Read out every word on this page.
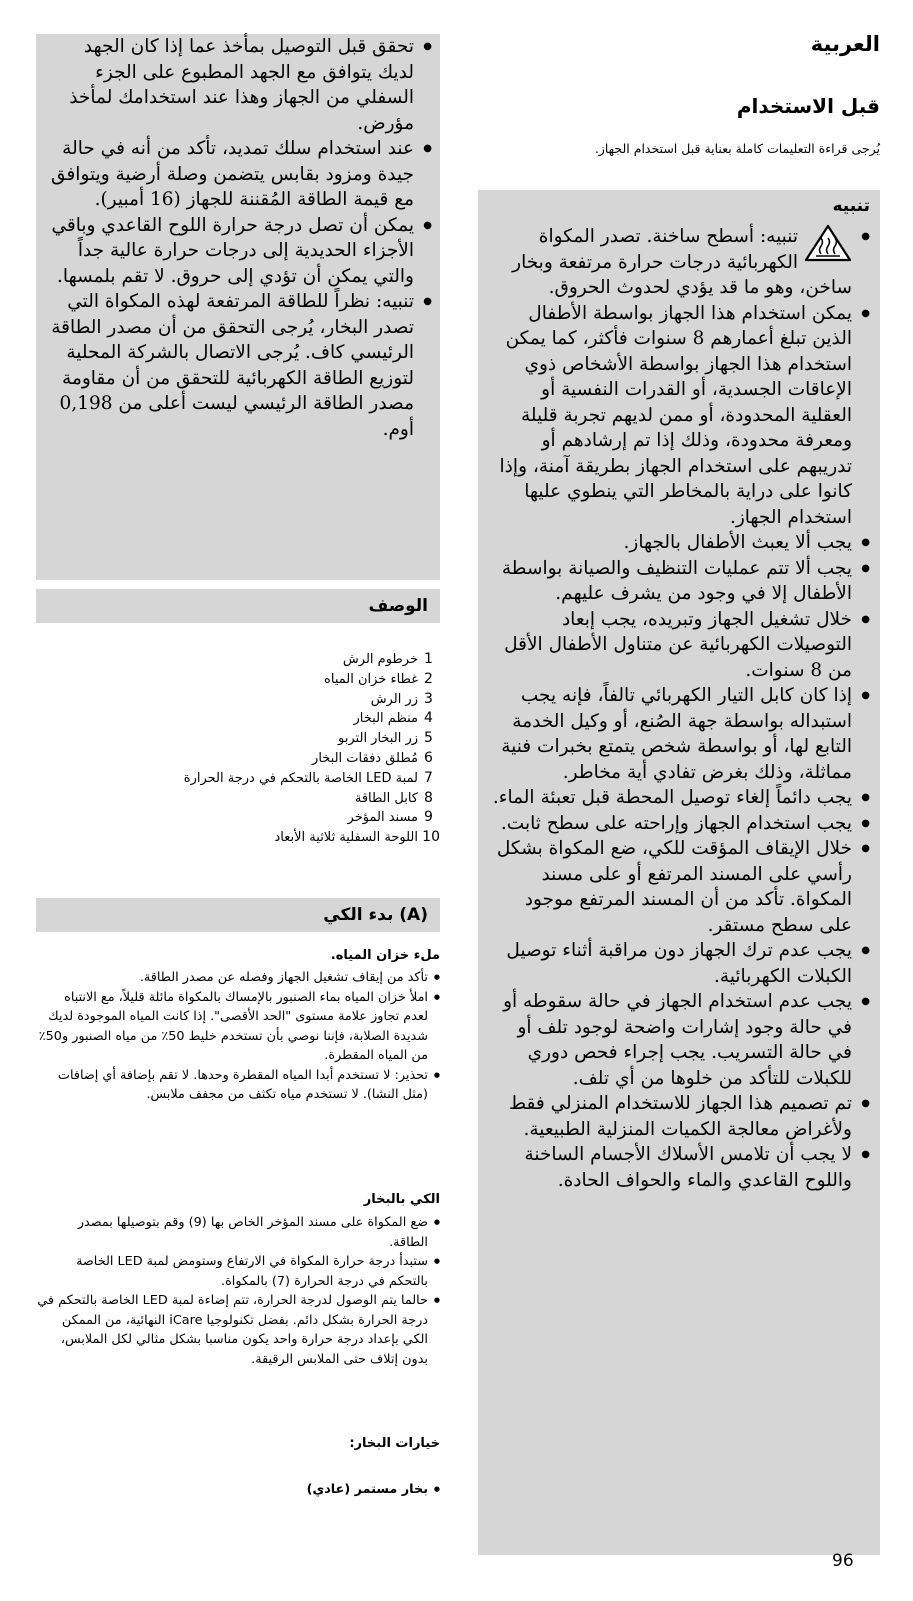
العربية
قبل الاستخدام

يُرجى قراءة التعليمات كاملة بعناية قبل استخدام الجهاز.

تنبيه

● تنبيه: أسطح ساخنة. تصدر المكواة الكهربائية درجات حرارة مرتفعة وبخار ساخن، وهو ما قد يؤدي لحدوث الحروق.
● يمكن استخدام هذا الجهاز بواسطة الأطفال الذين تبلغ أعمارهم 8 سنوات فأكثر، كما يمكن استخدام هذا الجهاز بواسطة الأشخاص ذوي الإعاقات الجسدية، أو القدرات النفسية أو العقلية المحدودة، أو ممن لديهم تجربة قليلة ومعرفة محدودة، وذلك إذا تم إرشادهم أو تدريبهم على استخدام الجهاز بطريقة آمنة، وإذا كانوا على دراية بالمخاطر التي ينطوي عليها استخدام الجهاز.
● يجب ألا يعبث الأطفال بالجهاز.
● يجب ألا تتم عمليات التنظيف والصيانة بواسطة الأطفال إلا في وجود من يشرف عليهم.
● خلال تشغيل الجهاز وتبريده، يجب إبعاد التوصيلات الكهربائية عن متناول الأطفال الأقل من 8 سنوات.
● إذا كان كابل التيار الكهربائي تالفاً، فإنه يجب استبداله بواسطة جهة الصُنع، أو وكيل الخدمة التابع لها، أو بواسطة شخص يتمتع بخبرات فنية مماثلة، وذلك بغرض تفادي أية مخاطر.
● يجب دائماً إلغاء توصيل المحطة قبل تعبئة الماء.
● يجب استخدام الجهاز وإراحته على سطح ثابت.
● خلال الإيقاف المؤقت للكي، ضع المكواة بشكل رأسي على المسند المرتفع أو على مسند المكواة. تأكد من أن المسند المرتفع موجود على سطح مستقر.
● يجب عدم ترك الجهاز دون مراقبة أثناء توصيل الكبلات الكهربائية.
● يجب عدم استخدام الجهاز في حالة سقوطه أو في حالة وجود إشارات واضحة لوجود تلف أو في حالة التسريب. يجب إجراء فحص دوري للكبلات للتأكد من خلوها من أي تلف.
● تم تصميم هذا الجهاز للاستخدام المنزلي فقط ولأغراض معالجة الكميات المنزلية الطبيعية.
● لا يجب أن تلامس الأسلاك الأجسام الساخنة واللوح القاعدي والماء والحواف الحادة.
● تحقق قبل التوصيل بمأخذ عما إذا كان الجهد لديك يتوافق مع الجهد المطبوع على الجزء السفلي من الجهاز وهذا عند استخدامك لمأخذ مؤرض.
● عند استخدام سلك تمديد، تأكد من أنه في حالة جيدة ومزود بقابس يتضمن وصلة أرضية ويتوافق مع قيمة الطاقة المُقننة للجهاز (16 أمبير).
● يمكن أن تصل درجة حرارة اللوح القاعدي وباقي الأجزاء الحديدية إلى درجات حرارة عالية جداً والتي يمكن أن تؤدي إلى حروق. لا تقم بلمسها.
● تنبيه: نظراً للطاقة المرتفعة لهذه المكواة التي تصدر البخار، يُرجى التحقق من أن مصدر الطاقة الرئيسي كاف. يُرجى الاتصال بالشركة المحلية لتوزيع الطاقة الكهربائية للتحقق من أن مقاومة مصدر الطاقة الرئيسي ليست أعلى من 0,198 أوم.
الوصف
1
خرطوم الرش
2
غطاء خزان المياه
3
زر الرش
4
منظم البخار
5
زر البخار التربو
6
مُطلق دفقات البخار
7
لمبة LED الخاصة بالتحكم في درجة الحرارة
8
كابل الطاقة
9
مسند المؤخر
10
اللوحة السفلية ثلاثية الأبعاد
(A) بدء الكي

ملء خزان المياه.

● تأكد من إيقاف تشغيل الجهاز وفصله عن مصدر الطاقة.
● املأ خزان المياه بماء الصنبور بالإمساك بالمكواة مائلة قليلاً، مع الانتباه لعدم تجاوز علامة مستوى "الحد الأقصى". إذا كانت المياه الموجودة لديك شديدة الصلابة، فإننا نوصي بأن تستخدم خليط 50٪ من مياه الصنبور و50٪ من المياه المقطرة.
● تحذير: لا تستخدم أبدا المياه المقطرة وحدها. لا تقم بإضافة أي إضافات (مثل النشا). لا تستخدم مياه تكثف من مجفف ملابس.

الكي بالبخار

● ضع المكواة على مسند المؤخر الخاص بها (9) وقم بتوصيلها بمصدر الطاقة.
● ستبدأ درجة حرارة المكواة في الارتفاع وستومض لمبة LED الخاصة بالتحكم في درجة الحرارة (7) بالمكواة.
● حالما يتم الوصول لدرجة الحرارة، تتم إضاءة لمبة LED الخاصة بالتحكم في درجة الحرارة بشكل دائم. بفضل تكنولوجيا iCare النهائية، من الممكن الكي بإعداد درجة حرارة واحد يكون مناسبا بشكل مثالي لكل الملابس، بدون إتلاف حتى الملابس الرقيقة.

خيارات البخار:

● بخار مستمر (عادي)
96
